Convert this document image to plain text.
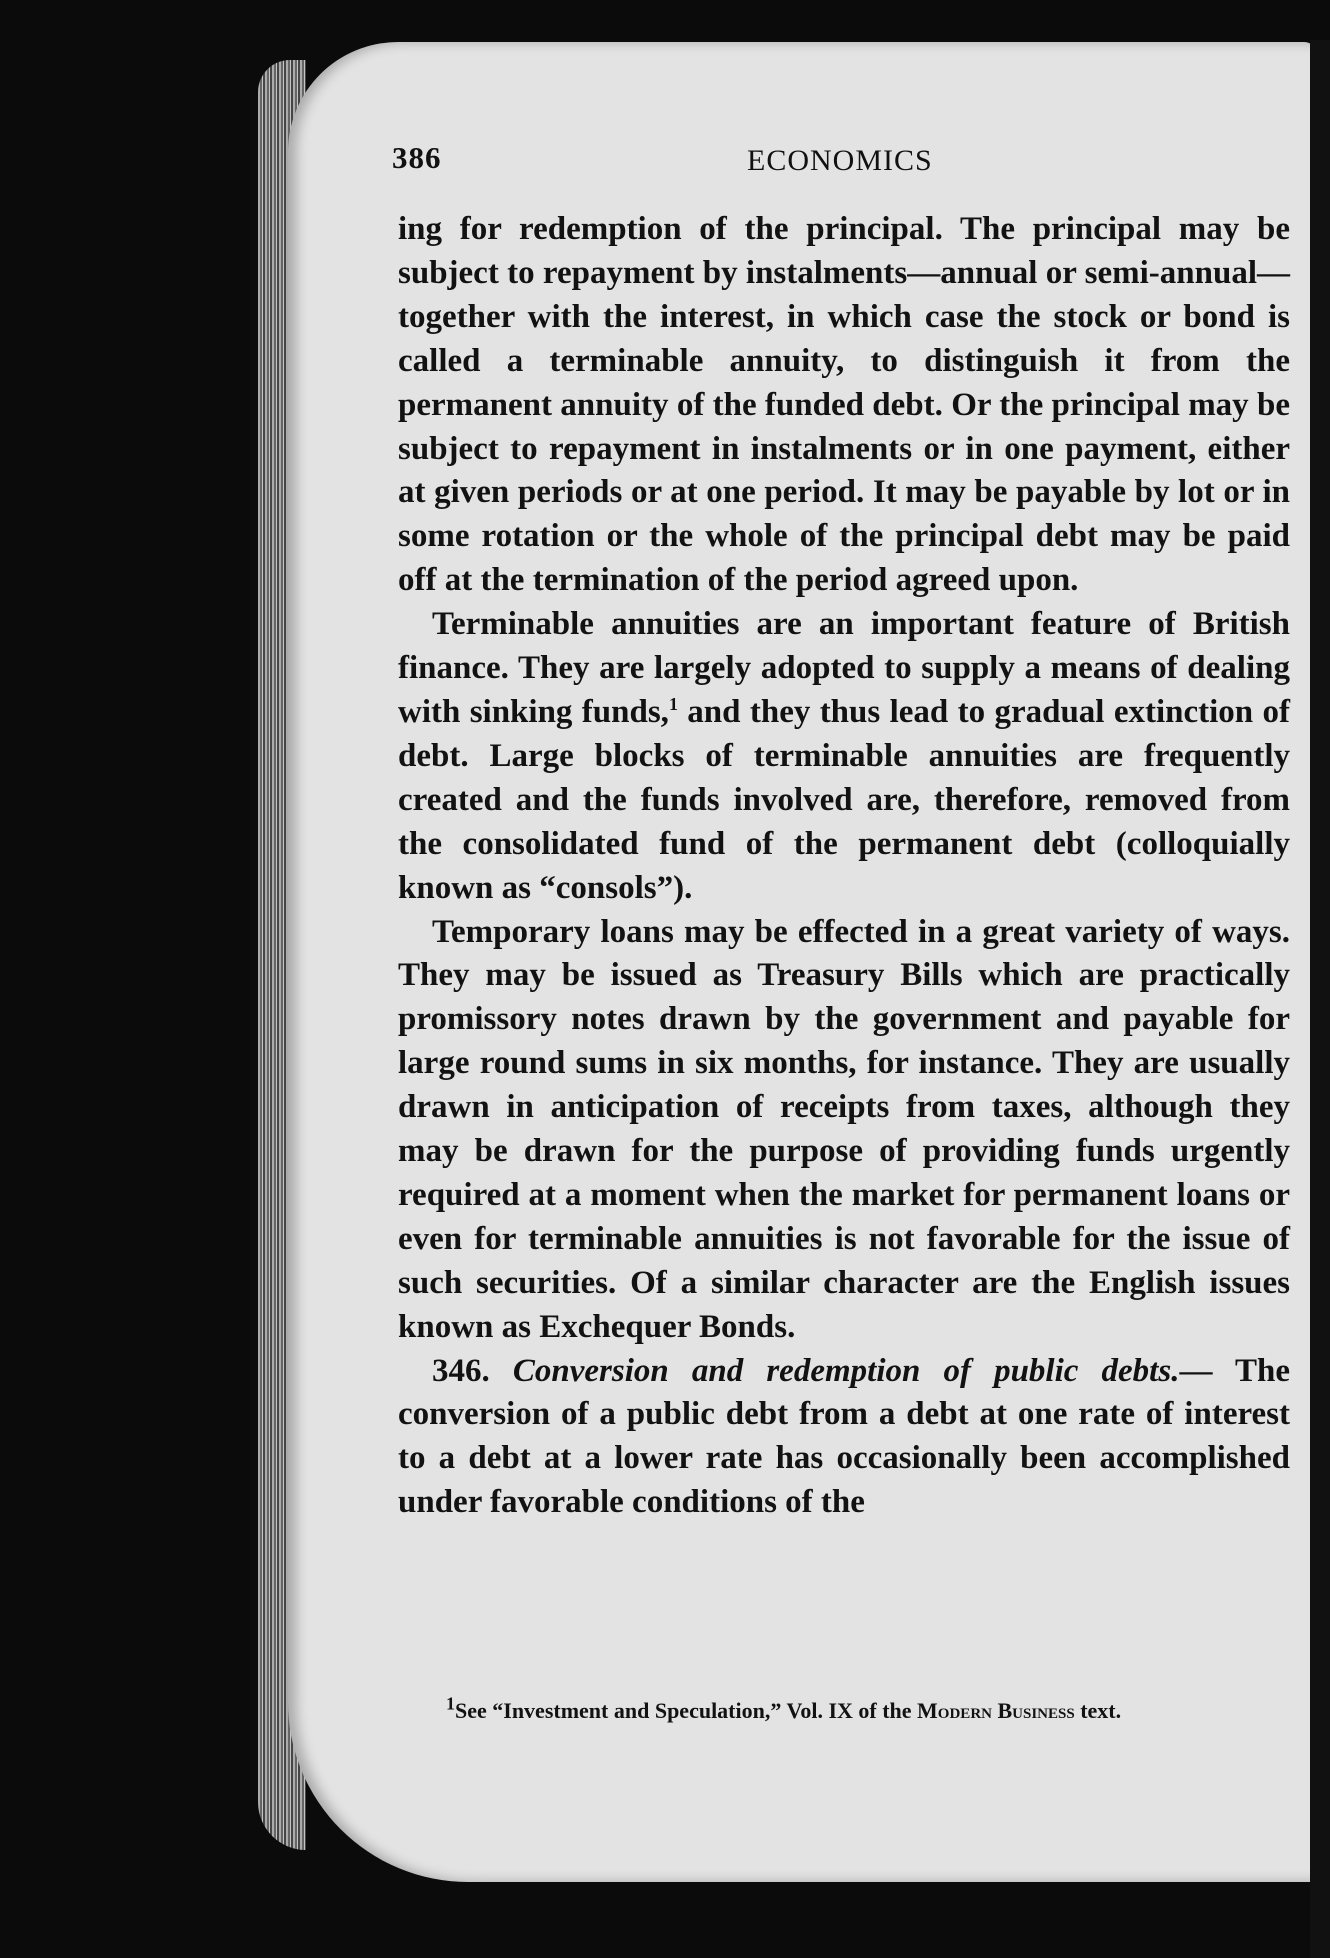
386	ECONOMICS

ing for redemption of the principal. The principal may be subject to repayment by instalments—annual or semi-annual—together with the interest, in which case the stock or bond is called a terminable annuity, to distinguish it from the permanent annuity of the funded debt. Or the principal may be subject to repayment in instalments or in one payment, either at given periods or at one period. It may be payable by lot or in some rotation or the whole of the principal debt may be paid off at the termination of the period agreed upon.

Terminable annuities are an important feature of British finance. They are largely adopted to supply a means of dealing with sinking funds,$^1$ and they thus lead to gradual extinction of debt. Large blocks of terminable annuities are frequently created and the funds involved are, therefore, removed from the consolidated fund of the permanent debt (colloquially known as “consols”).

Temporary loans may be effected in a great variety of ways. They may be issued as Treasury Bills which are practically promissory notes drawn by the government and payable for large round sums in six months, for instance. They are usually drawn in anticipation of receipts from taxes, although they may be drawn for the purpose of providing funds urgently required at a moment when the market for permanent loans or even for terminable annuities is not favorable for the issue of such securities. Of a similar character are the English issues known as Exchequer Bonds.

346. Conversion and redemption of public debts.— The conversion of a public debt from a debt at one rate of interest to a debt at a lower rate has occasionally been accomplished under favorable conditions of the

$^1$See “Investment and Speculation,” Vol. IX of the Modern Business text.
